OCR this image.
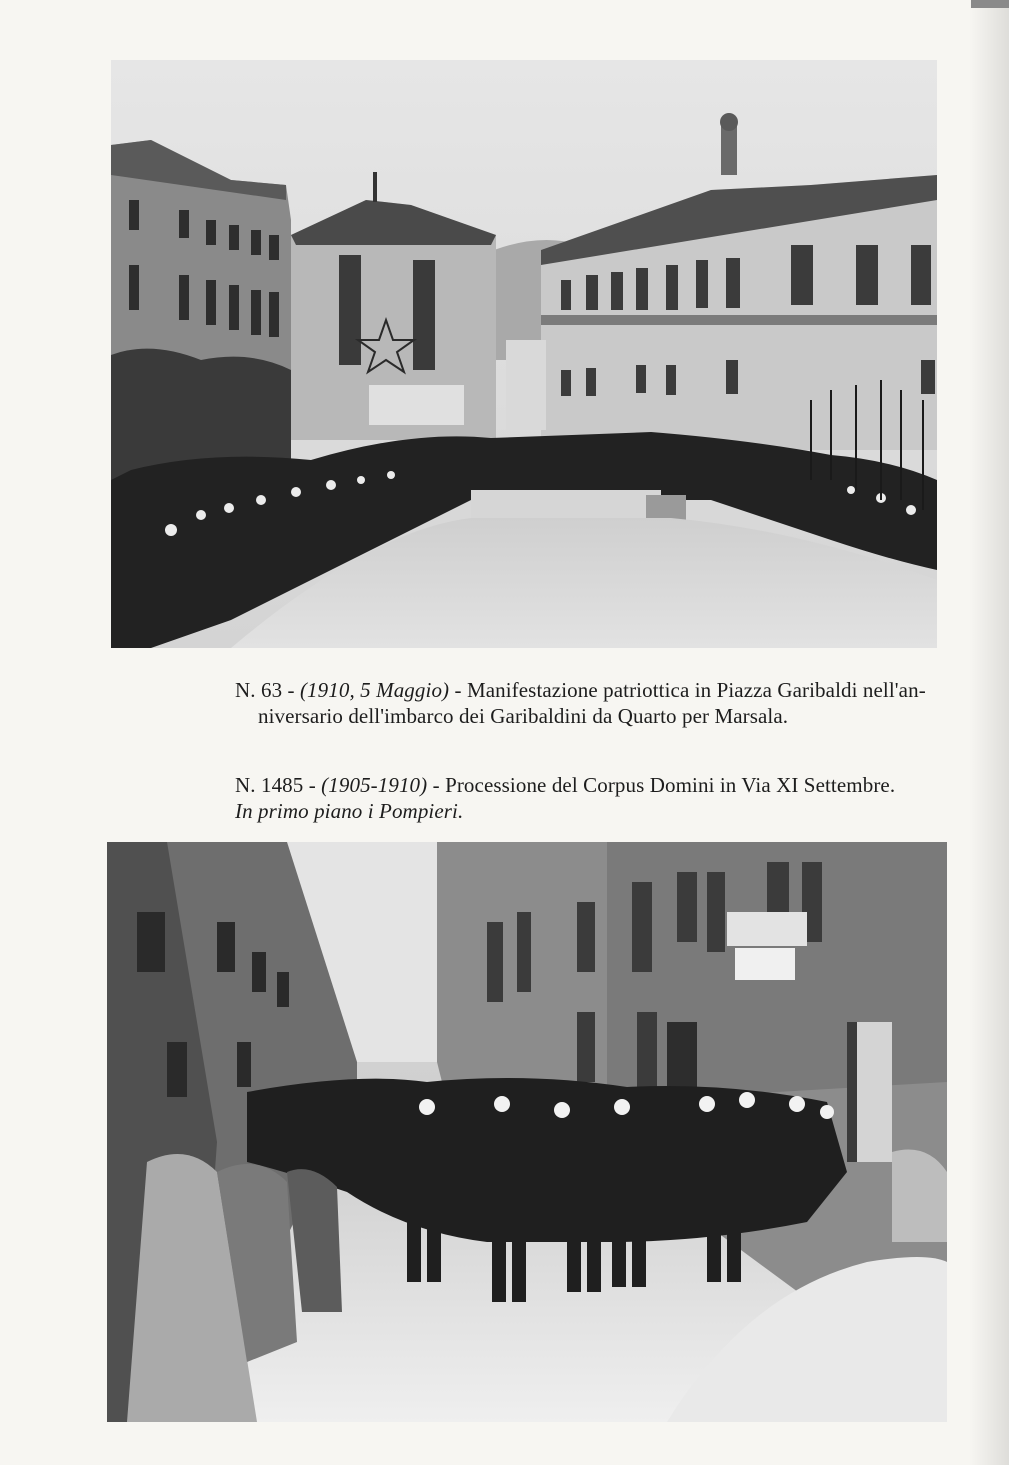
N. 63 - (1910, 5 Maggio) - Manifestazione patriottica in Piazza Garibaldi nell'an-
niversario dell'imbarco dei Garibaldini da Quarto per Marsala.

N. 1485 - (1905-1910) - Processione del Corpus Domini in Via XI Settembre.
In primo piano i Pompieri.
